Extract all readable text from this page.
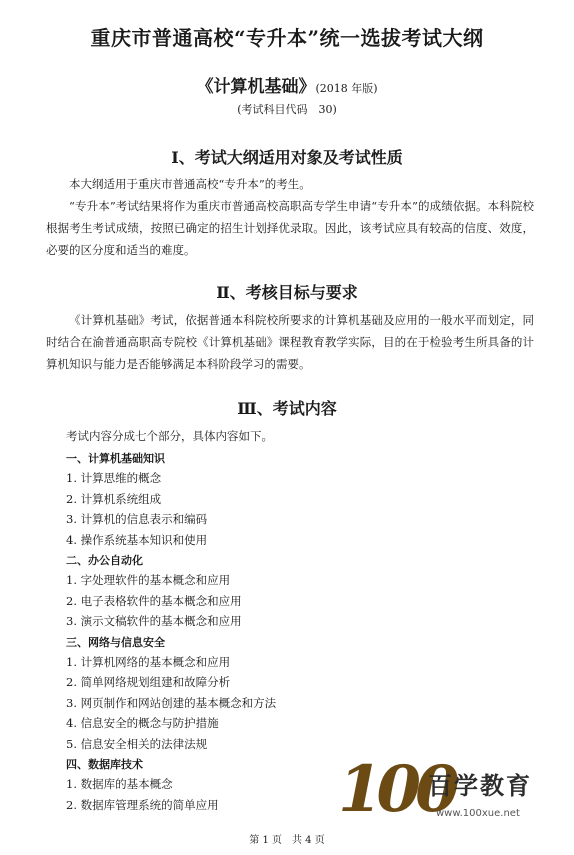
重庆市普通高校“专升本”统一选拔考试大纲
《计算机基础》(2018 年版)
(考试科目代码　30)
Ⅰ、考试大纲适用对象及考试性质

本大纲适用于重庆市普通高校“专升本”的考生。

“专升本”考试结果将作为重庆市普通高校高职高专学生申请“专升本”的成绩依据。本科院校根据考生考试成绩，按照已确定的招生计划择优录取。因此，该考试应具有较高的信度、效度，必要的区分度和适当的难度。

Ⅱ、考核目标与要求

《计算机基础》考试，依据普通本科院校所要求的计算机基础及应用的一般水平而划定，同时结合在渝普通高职高专院校《计算机基础》课程教育教学实际，目的在于检验考生所具备的计算机知识与能力是否能够满足本科阶段学习的需要。

Ⅲ、考试内容
考试内容分成七个部分，具体内容如下。
一、计算机基础知识
1. 计算思维的概念
2. 计算机系统组成
3. 计算机的信息表示和编码
4. 操作系统基本知识和使用
二、办公自动化
1. 字处理软件的基本概念和应用
2. 电子表格软件的基本概念和应用
3. 演示文稿软件的基本概念和应用
三、网络与信息安全
1. 计算机网络的基本概念和应用
2. 简单网络规划组建和故障分析
3. 网页制作和网站创建的基本概念和方法
4. 信息安全的概念与防护措施
5. 信息安全相关的法律法规
四、数据库技术
1. 数据库的基本概念
2. 数据库管理系统的简单应用 100
百学教育
www.100xue.net
第 1 页　共 4 页
